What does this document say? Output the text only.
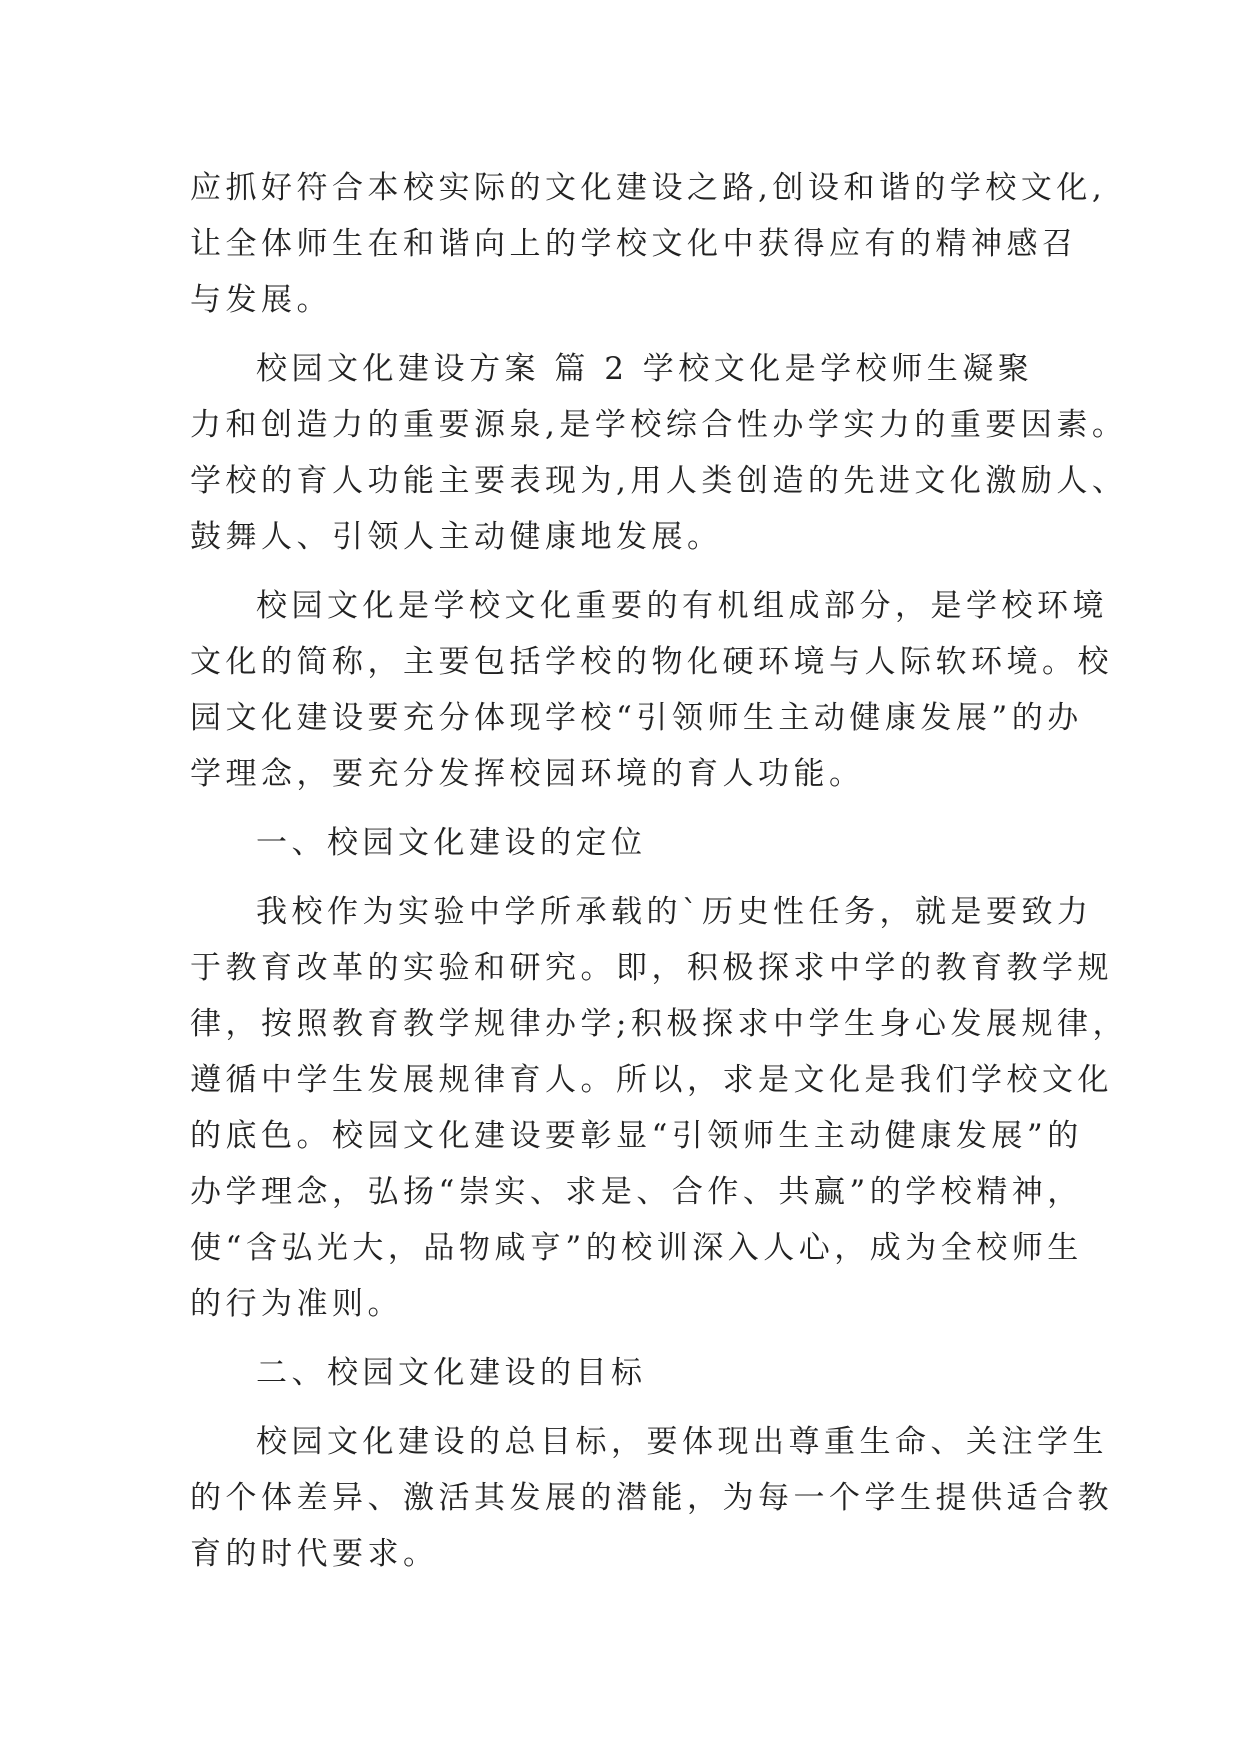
应抓好符合本校实际的文化建设之路,创设和谐的学校文化,
让全体师生在和谐向上的学校文化中获得应有的精神感召
与发展。
校园文化建设方案 篇 2 学校文化是学校师生凝聚
力和创造力的重要源泉,是学校综合性办学实力的重要因素。
学校的育人功能主要表现为,用人类创造的先进文化激励人、
鼓舞人、引领人主动健康地发展。
校园文化是学校文化重要的有机组成部分，是学校环境
文化的简称，主要包括学校的物化硬环境与人际软环境。校
园文化建设要充分体现学校“引领师生主动健康发展”的办
学理念，要充分发挥校园环境的育人功能。
一、校园文化建设的定位
我校作为实验中学所承载的`历史性任务，就是要致力
于教育改革的实验和研究。即，积极探求中学的教育教学规
律，按照教育教学规律办学;积极探求中学生身心发展规律，
遵循中学生发展规律育人。所以，求是文化是我们学校文化
的底色。校园文化建设要彰显“引领师生主动健康发展”的
办学理念，弘扬“崇实、求是、合作、共赢”的学校精神，
使“含弘光大，品物咸亨”的校训深入人心，成为全校师生
的行为准则。
二、校园文化建设的目标
校园文化建设的总目标，要体现出尊重生命、关注学生
的个体差异、激活其发展的潜能，为每一个学生提供适合教
育的时代要求。
